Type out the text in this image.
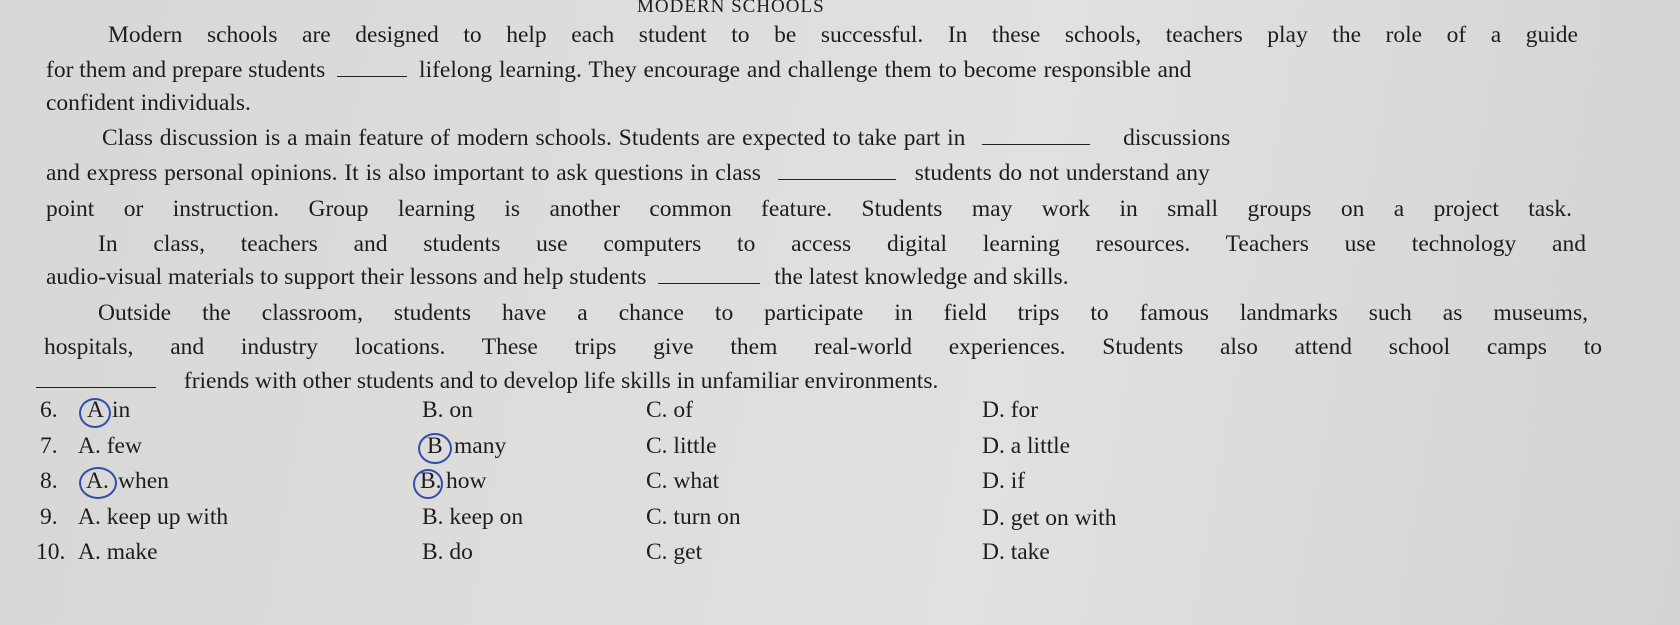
MODERN SCHOOLS
Modern schools are designed to help each student to be successful. In these schools, teachers play the role of a guide
for them and prepare students	lifelong learning. They encourage and challenge them to become responsible and
confident individuals.
Class discussion is a main feature of modern schools. Students are expected to take part in	discussions
and express personal opinions. It is also important to ask questions in class	students do not understand any
point or instruction. Group learning is another common feature. Students may work in small groups on a project task.
In class, teachers and students use computers to access digital learning resources. Teachers use technology and
audio-visual materials to support their lessons and help students	the latest knowledge and skills.
Outside the classroom, students have a chance to participate in field trips to famous landmarks such as museums,
hospitals, and industry locations. These trips give them real-world experiences. Students also attend school camps to
friends with other students and to develop life skills in unfamiliar environments.
6. A in	B. on	C. of	D. for
7. A. few	B many	C. little	D. a little
8. A. when	B. how	C. what	D. if
9. A. keep up with	B. keep on	C. turn on	D. get on with
10. A. make	B. do	C. get	D. take
